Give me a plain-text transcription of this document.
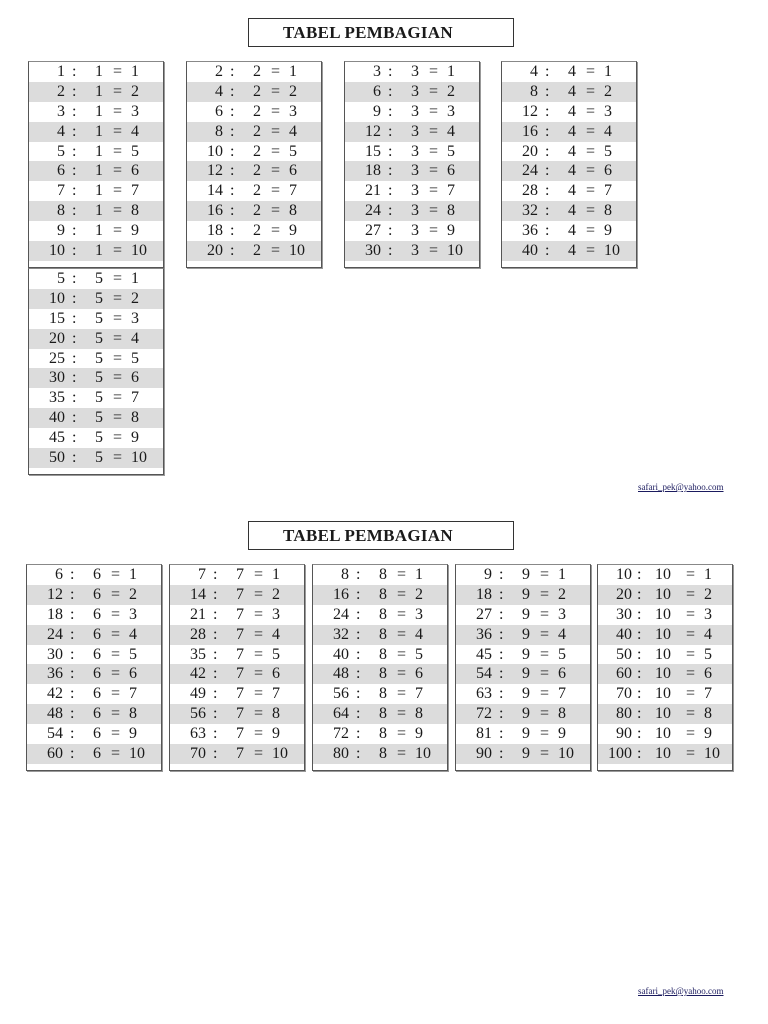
TABEL PEMBAGIAN
1 :	1 = 1
2 :	1 = 2
3 :	1 = 3
4 :	1 = 4
5 :	1 = 5
6 :	1 = 6
7 :	1 = 7
8 :	1 = 8
9 :	1 = 9
10 :	1 = 10
2 :	2 = 1
4 :	2 = 2
6 :	2 = 3
8 :	2 = 4
10 :	2 = 5
12 :	2 = 6
14 :	2 = 7
16 :	2 = 8
18 :	2 = 9
20 :	2 = 10
3 :	3 = 1
6 :	3 = 2
9 :	3 = 3
12 :	3 = 4
15 :	3 = 5
18 :	3 = 6
21 :	3 = 7
24 :	3 = 8
27 :	3 = 9
30 :	3 = 10
4 :	4 = 1
8 :	4 = 2
12 :	4 = 3
16 :	4 = 4
20 :	4 = 5
24 :	4 = 6
28 :	4 = 7
32 :	4 = 8
36 :	4 = 9
40 :	4 = 10
5 :	5 = 1
10 :	5 = 2
15 :	5 = 3
20 :	5 = 4
25 :	5 = 5
30 :	5 = 6
35 :	5 = 7
40 :	5 = 8
45 :	5 = 9
50 :	5 = 10
safari_pek@yahoo.com
TABEL PEMBAGIAN
6 :	6 = 1
12 :	6 = 2
18 :	6 = 3
24 :	6 = 4
30 :	6 = 5
36 :	6 = 6
42 :	6 = 7
48 :	6 = 8
54 :	6 = 9
60 :	6 = 10
7 :	7 = 1
14 :	7 = 2
21 :	7 = 3
28 :	7 = 4
35 :	7 = 5
42 :	7 = 6
49 :	7 = 7
56 :	7 = 8
63 :	7 = 9
70 :	7 = 10
8 :	8 = 1
16 :	8 = 2
24 :	8 = 3
32 :	8 = 4
40 :	8 = 5
48 :	8 = 6
56 :	8 = 7
64 :	8 = 8
72 :	8 = 9
80 :	8 = 10
9 :	9 = 1
18 :	9 = 2
27 :	9 = 3
36 :	9 = 4
45 :	9 = 5
54 :	9 = 6
63 :	9 = 7
72 :	9 = 8
81 :	9 = 9
90 :	9 = 10
10 : 10 = 1
20 : 10 = 2
30 : 10 = 3
40 : 10 = 4
50 : 10 = 5
60 : 10 = 6
70 : 10 = 7
80 : 10 = 8
90 : 10 = 9
100 : 10 = 10
safari_pek@yahoo.com
